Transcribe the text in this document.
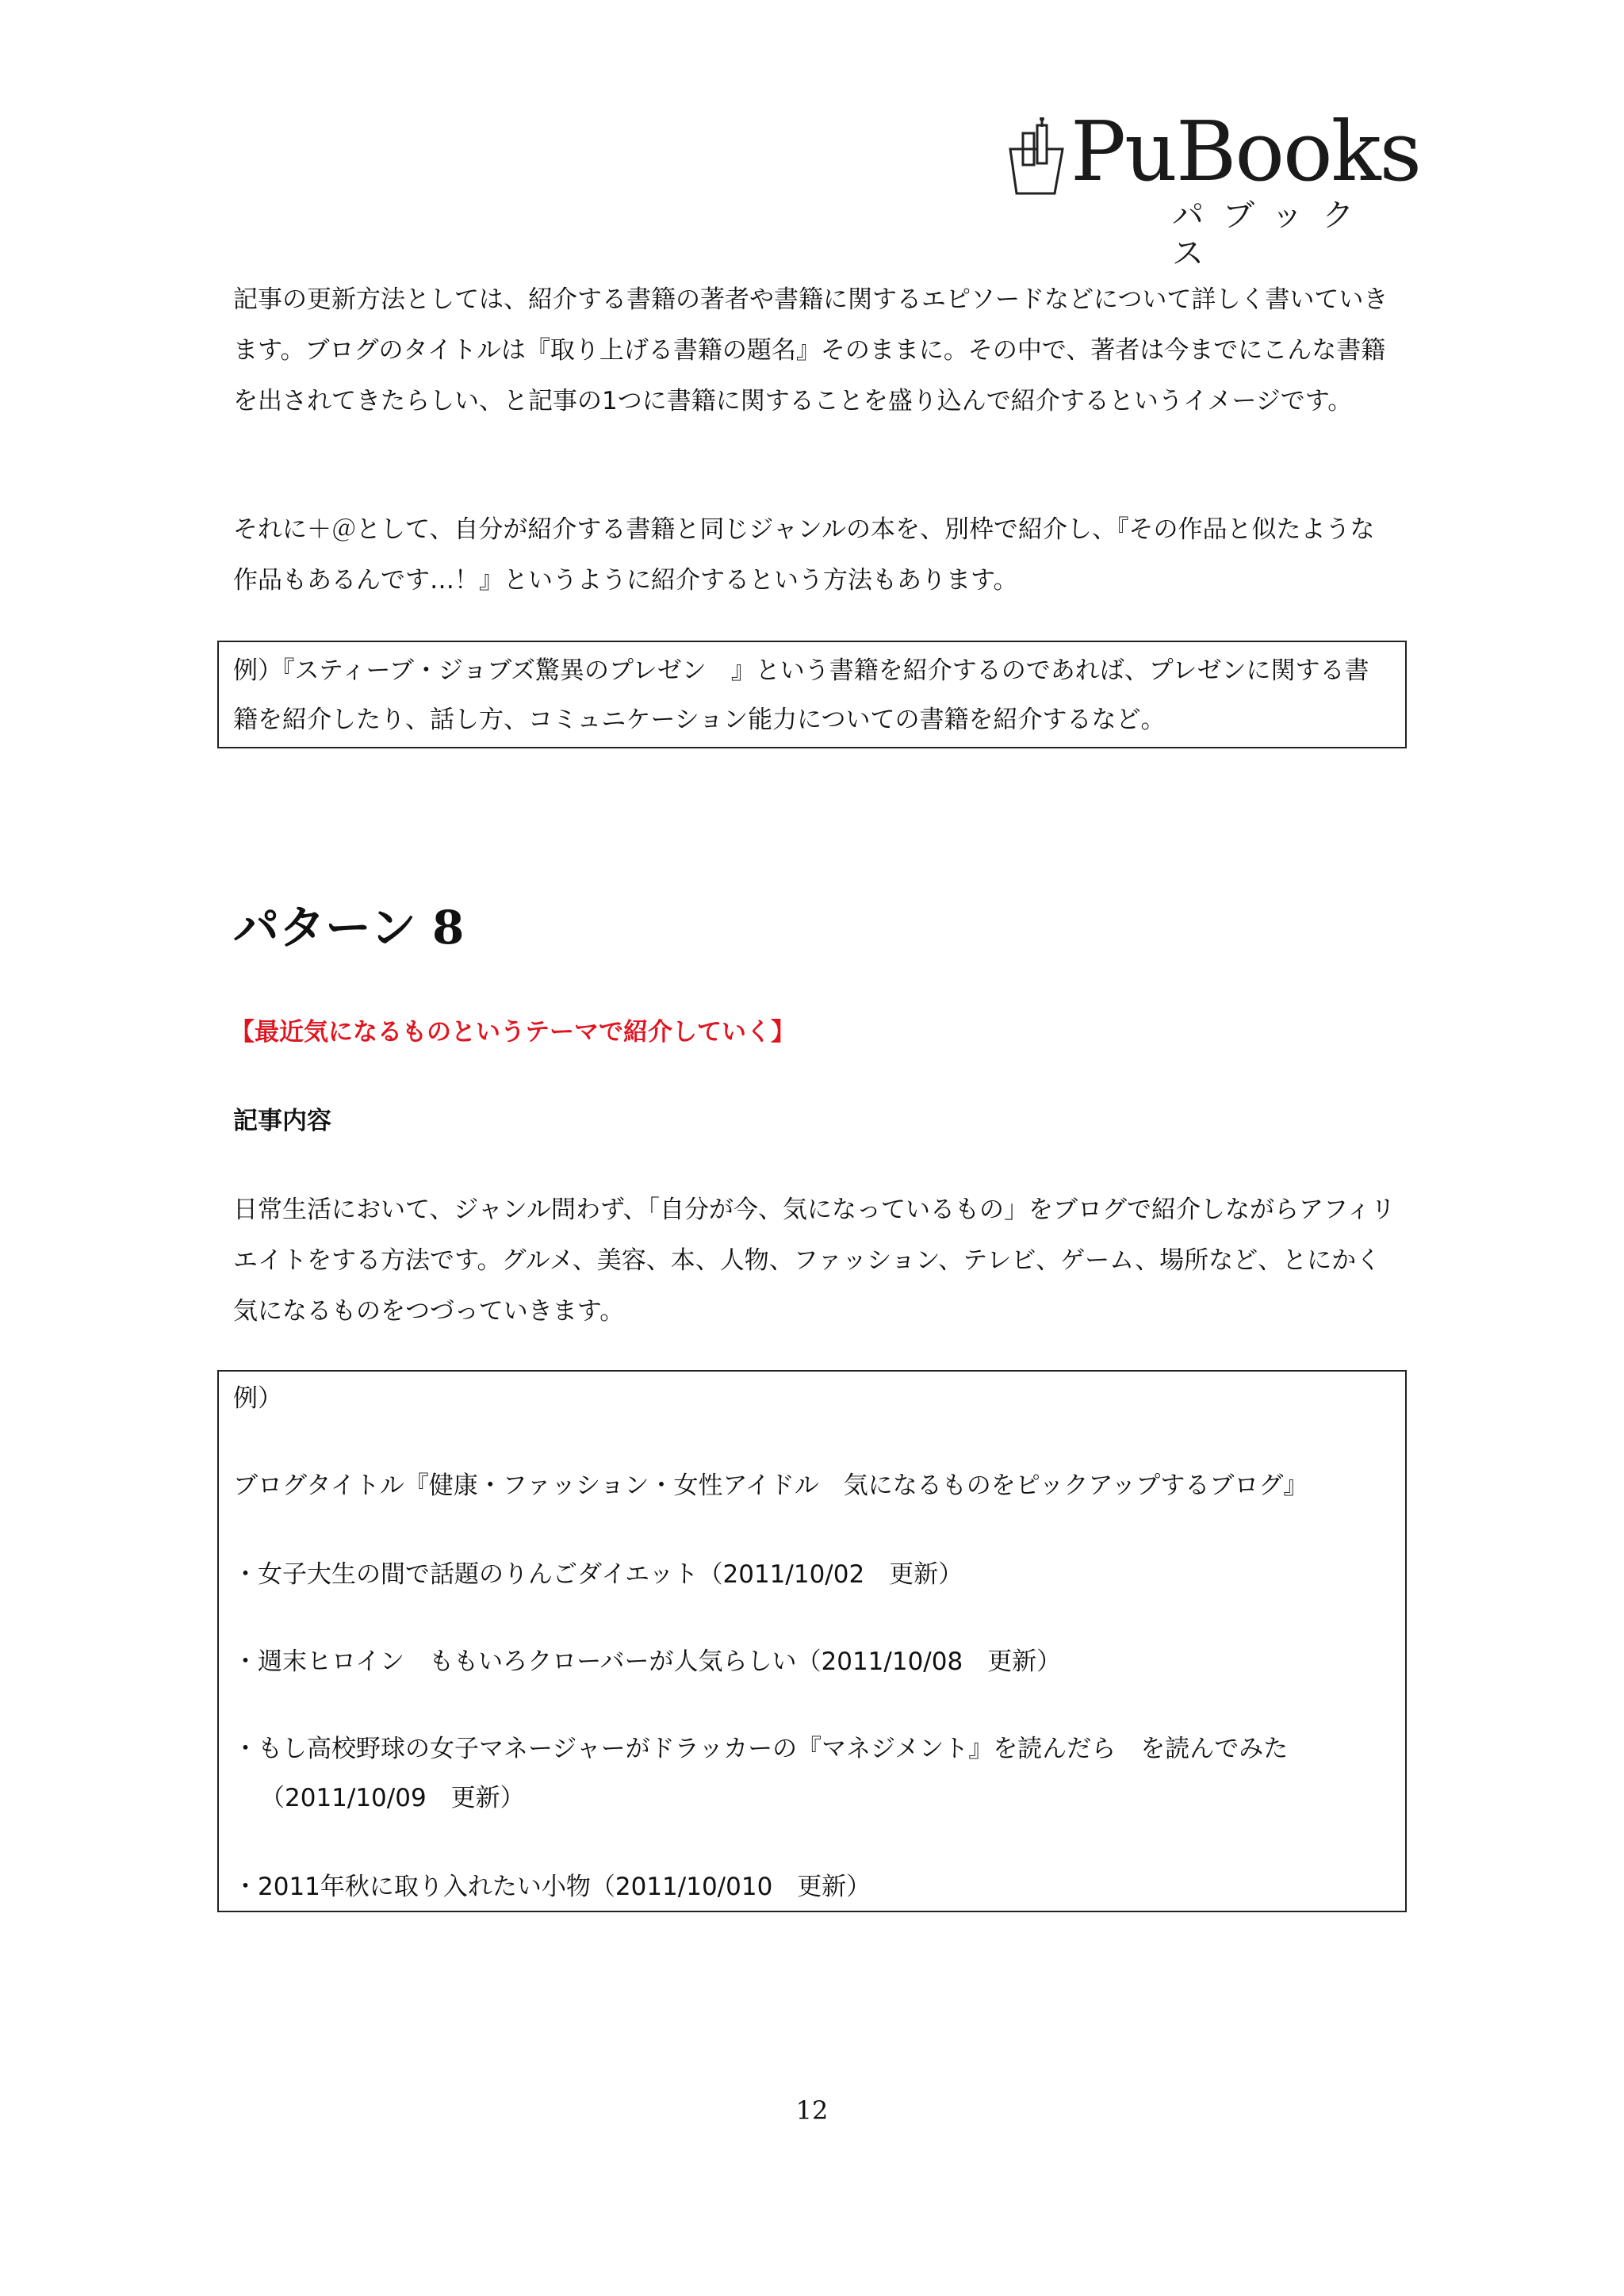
PuBooks
パブックス

記事の更新方法としては、紹介する書籍の著者や書籍に関するエピソードなどについて詳しく書いていきます。ブログのタイトルは『取り上げる書籍の題名』そのままに。その中で、著者は今までにこんな書籍を出されてきたらしい、と記事の1つに書籍に関することを盛り込んで紹介するというイメージです。

それに＋＠として、自分が紹介する書籍と同じジャンルの本を、別枠で紹介し、『その作品と似たような作品もあるんです…！』というように紹介するという方法もあります。

例）『スティーブ・ジョブズ驚異のプレゼン　』という書籍を紹介するのであれば、プレゼンに関する書
籍を紹介したり、話し方、コミュニケーション能力についての書籍を紹介するなど。
パターン 8

【最近気になるものというテーマで紹介していく】

記事内容

日常生活において、ジャンル問わず、「自分が今、気になっているもの」をブログで紹介しながらアフィリエイトをする方法です。グルメ、美容、本、人物、ファッション、テレビ、ゲーム、場所など、とにかく気になるものをつづっていきます。

例）
ブログタイトル『健康・ファッション・女性アイドル　気になるものをピックアップするブログ』
・女子大生の間で話題のりんごダイエット（2011/10/02　更新）
・週末ヒロイン　ももいろクローバーが人気らしい（2011/10/08　更新）
・もし高校野球の女子マネージャーがドラッカーの『マネジメント』を読んだら　を読んでみた
（2011/10/09　更新）
・2011年秋に取り入れたい小物（2011/10/010　更新）
12
